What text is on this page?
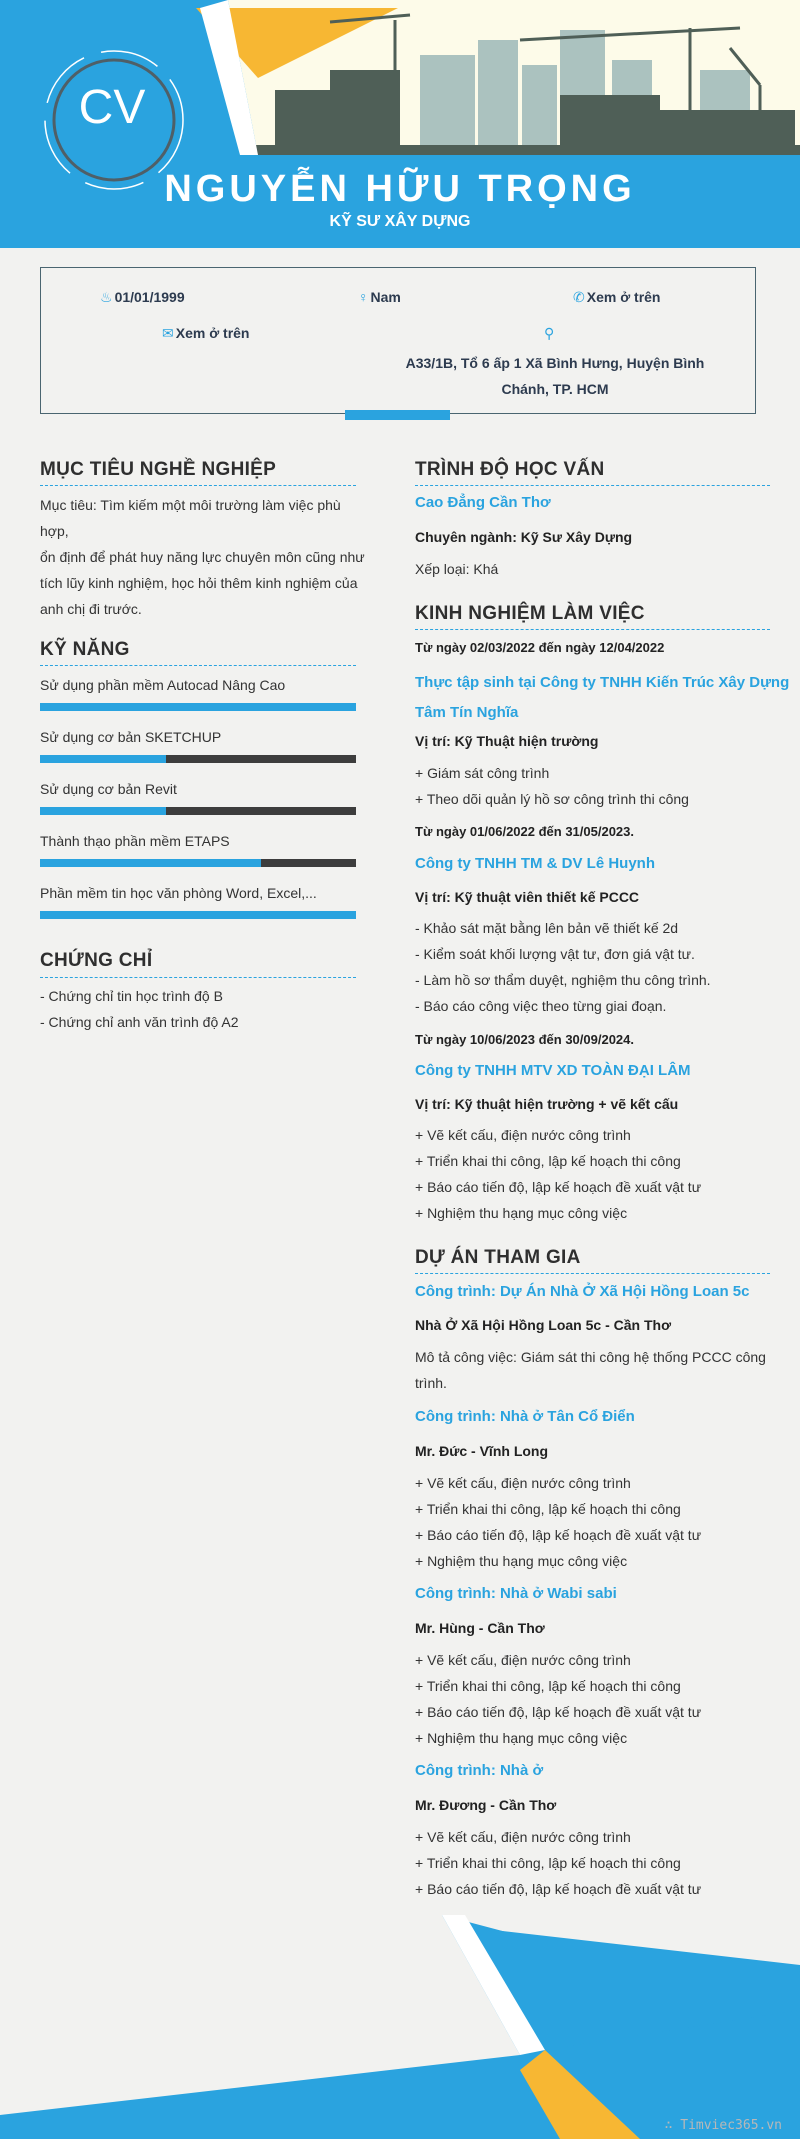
CV
NGUYỄN HỮU TRỌNG
KỸ SƯ XÂY DỰNG
♨ 01/01/1999	♀ Nam	✆ Xem ở trên
✉ Xem ở trên	⚲
A33/1B, Tổ 6 ấp 1 Xã Bình Hưng, Huyện Bình
Chánh, TP. HCM
MỤC TIÊU NGHỀ NGHIỆP
Mục tiêu: Tìm kiếm một môi trường làm việc phù hợp,
ổn định để phát huy năng lực chuyên môn cũng như
tích lũy kinh nghiệm, học hỏi thêm kinh nghiệm của
anh chị đi trước.
KỸ NĂNG
Sử dụng phần mềm Autocad Nâng Cao
Sử dụng cơ bản SKETCHUP
Sử dụng cơ bản Revit
Thành thạo phần mềm ETAPS
Phần mềm tin học văn phòng Word, Excel,...
CHỨNG CHỈ
- Chứng chỉ tin học trình độ B
- Chứng chỉ anh văn trình độ A2
TRÌNH ĐỘ HỌC VẤN
Cao Đẳng Cần Thơ
Chuyên ngành: Kỹ Sư Xây Dựng
Xếp loại: Khá
KINH NGHIỆM LÀM VIỆC
Từ ngày 02/03/2022 đến ngày 12/04/2022
Thực tập sinh tại Công ty TNHH Kiến Trúc Xây Dựng
Tâm Tín Nghĩa
Vị trí: Kỹ Thuật hiện trường
+ Giám sát công trình
+ Theo dõi quản lý hồ sơ công trình thi công
Từ ngày 01/06/2022 đến 31/05/2023.
Công ty TNHH TM & DV Lê Huynh
Vị trí: Kỹ thuật viên thiết kế PCCC
- Khảo sát mặt bằng lên bản vẽ thiết kế 2d
- Kiểm soát khối lượng vật tư, đơn giá vật tư.
- Làm hồ sơ thẩm duyệt, nghiệm thu công trình.
- Báo cáo công việc theo từng giai đoạn.
Từ ngày 10/06/2023 đến 30/09/2024.
Công ty TNHH MTV XD TOÀN ĐẠI LÂM
Vị trí: Kỹ thuật hiện trường + vẽ kết cấu
+ Vẽ kết cấu, điện nước công trình
+ Triển khai thi công, lập kế hoạch thi công
+ Báo cáo tiến độ, lập kế hoạch đề xuất vật tư
+ Nghiệm thu hạng mục công việc
DỰ ÁN THAM GIA
Công trình: Dự Án Nhà Ở Xã Hội Hồng Loan 5c
Nhà Ở Xã Hội Hồng Loan 5c - Cần Thơ
Mô tả công việc: Giám sát thi công hệ thống PCCC công
trình.
Công trình: Nhà ở Tân Cổ Điển
Mr. Đức - Vĩnh Long
+ Vẽ kết cấu, điện nước công trình
+ Triển khai thi công, lập kế hoạch thi công
+ Báo cáo tiến độ, lập kế hoạch đề xuất vật tư
+ Nghiệm thu hạng mục công việc
Công trình: Nhà ở Wabi sabi
Mr. Hùng - Cần Thơ
+ Vẽ kết cấu, điện nước công trình
+ Triển khai thi công, lập kế hoạch thi công
+ Báo cáo tiến độ, lập kế hoạch đề xuất vật tư
+ Nghiệm thu hạng mục công việc
Công trình: Nhà ở
Mr. Đương - Cần Thơ
+ Vẽ kết cấu, điện nước công trình
+ Triển khai thi công, lập kế hoạch thi công
+ Báo cáo tiến độ, lập kế hoạch đề xuất vật tư
∴ Timviec365.vn
